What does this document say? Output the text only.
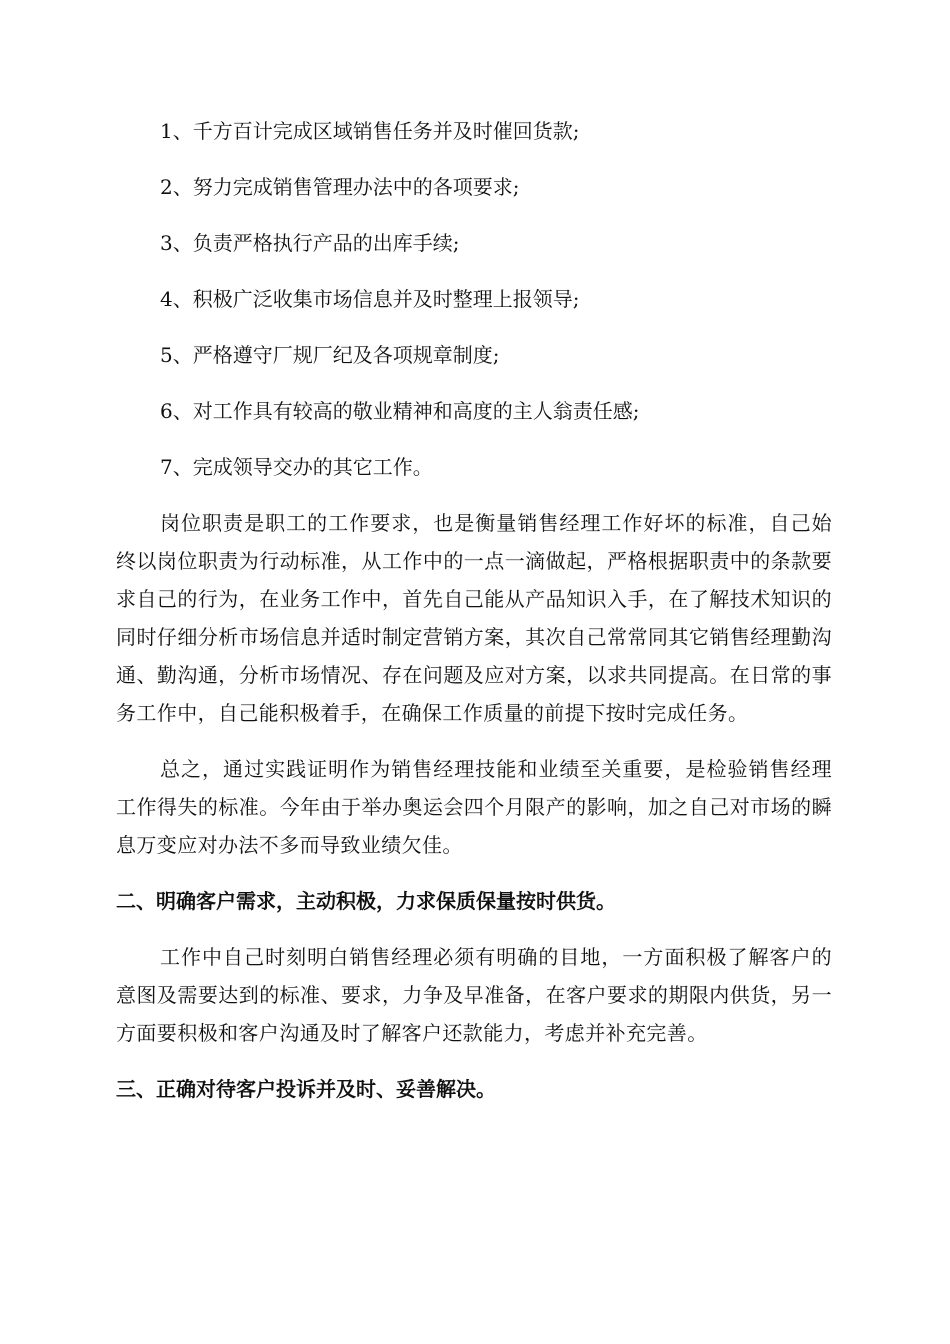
1、千方百计完成区域销售任务并及时催回货款;

2、努力完成销售管理办法中的各项要求;

3、负责严格执行产品的出库手续;

4、积极广泛收集市场信息并及时整理上报领导;

5、严格遵守厂规厂纪及各项规章制度;

6、对工作具有较高的敬业精神和高度的主人翁责任感;

7、完成领导交办的其它工作。

岗位职责是职工的工作要求，也是衡量销售经理工作好坏的标准，自己始终以岗位职责为行动标准，从工作中的一点一滴做起，严格根据职责中的条款要求自己的行为，在业务工作中，首先自己能从产品知识入手，在了解技术知识的同时仔细分析市场信息并适时制定营销方案，其次自己常常同其它销售经理勤沟通、勤沟通，分析市场情况、存在问题及应对方案，以求共同提高。在日常的事务工作中，自己能积极着手，在确保工作质量的前提下按时完成任务。

总之，通过实践证明作为销售经理技能和业绩至关重要，是检验销售经理工作得失的标准。今年由于举办奥运会四个月限产的影响，加之自己对市场的瞬息万变应对办法不多而导致业绩欠佳。

二、明确客户需求，主动积极，力求保质保量按时供货。

工作中自己时刻明白销售经理必须有明确的目地，一方面积极了解客户的意图及需要达到的标准、要求，力争及早准备，在客户要求的期限内供货，另一方面要积极和客户沟通及时了解客户还款能力，考虑并补充完善。

三、正确对待客户投诉并及时、妥善解决。
